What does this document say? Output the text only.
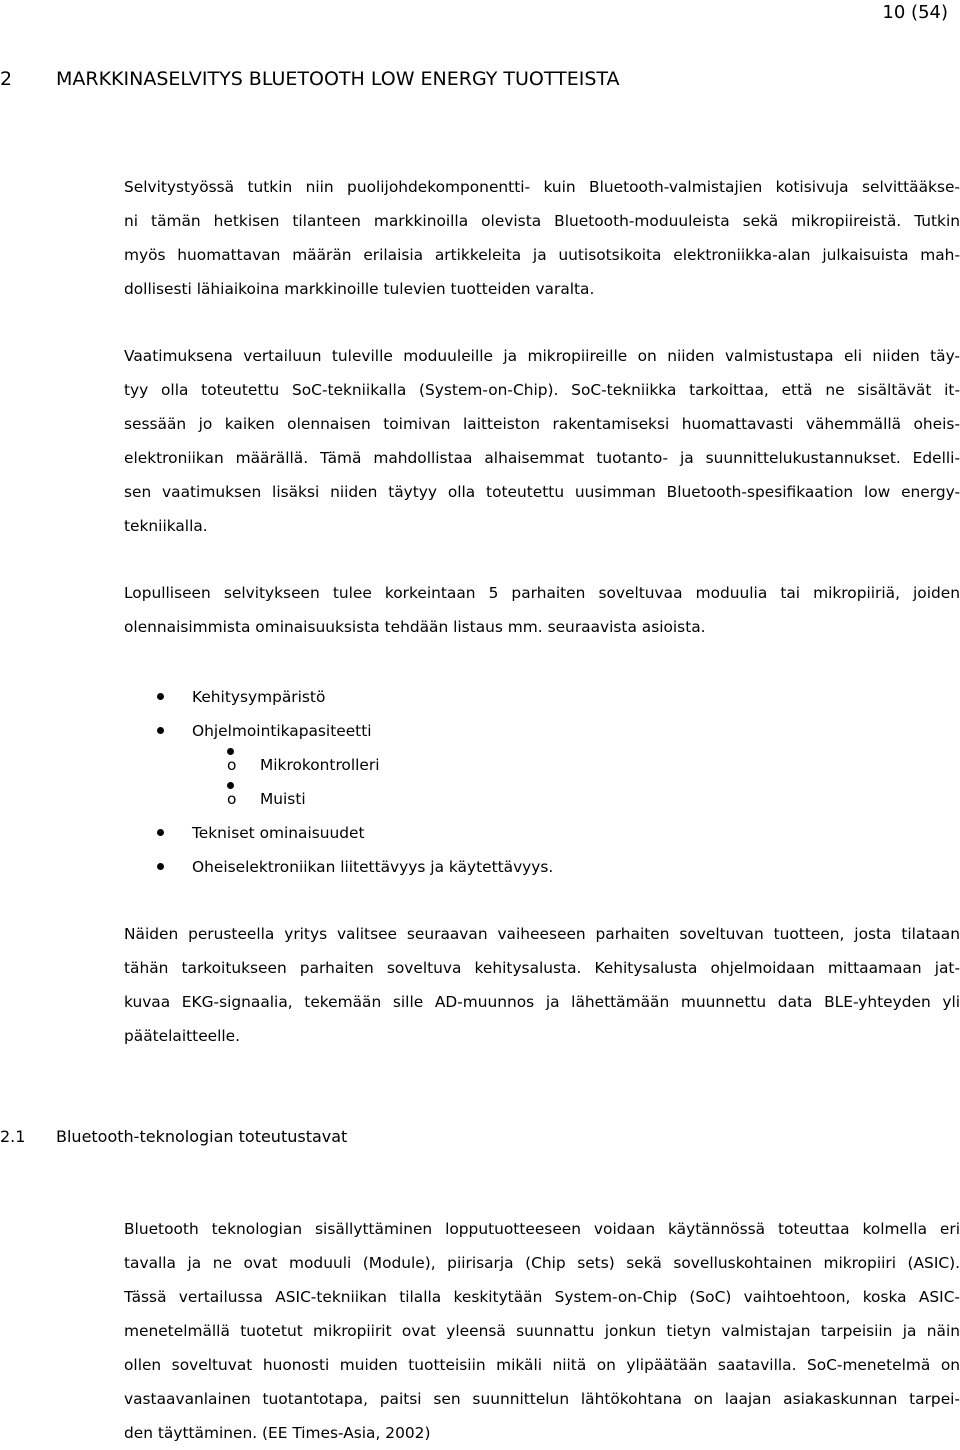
10 (54)
2 MARKKINASELVITYS BLUETOOTH LOW ENERGY TUOTTEISTA

Selvitystyössä tutkin niin puolijohdekomponentti- kuin Bluetooth-valmistajien kotisivuja selvittääkse-
ni tämän hetkisen tilanteen markkinoilla olevista Bluetooth-moduuleista sekä mikropiireistä. Tutkin
myös huomattavan määrän erilaisia artikkeleita ja uutisotsikoita elektroniikka-alan julkaisuista mah-
dollisesti lähiaikoina markkinoille tulevien tuotteiden varalta.

Vaatimuksena vertailuun tuleville moduuleille ja mikropiireille on niiden valmistustapa eli niiden täy-
tyy olla toteutettu SoC-tekniikalla (System-on-Chip). SoC-tekniikka tarkoittaa, että ne sisältävät it-
sessään jo kaiken olennaisen toimivan laitteiston rakentamiseksi huomattavasti vähemmällä oheis-
elektroniikan määrällä. Tämä mahdollistaa alhaisemmat tuotanto- ja suunnittelukustannukset. Edelli-
sen vaatimuksen lisäksi niiden täytyy olla toteutettu uusimman Bluetooth-spesifikaation low energy-
tekniikalla.

Lopulliseen selvitykseen tulee korkeintaan 5 parhaiten soveltuvaa moduulia tai mikropiiriä, joiden
olennaisimmista ominaisuuksista tehdään listaus mm. seuraavista asioista.

Kehitysympäristö
Ohjelmointikapasiteetti
o Mikrokontrolleri
o Muisti
Tekniset ominaisuudet
Oheiselektroniikan liitettävyys ja käytettävyys.

Näiden perusteella yritys valitsee seuraavan vaiheeseen parhaiten soveltuvan tuotteen, josta tilataan
tähän tarkoitukseen parhaiten soveltuva kehitysalusta. Kehitysalusta ohjelmoidaan mittaamaan jat-
kuvaa EKG-signaalia, tekemään sille AD-muunnos ja lähettämään muunnettu data BLE-yhteyden yli
päätelaitteelle.

2.1 Bluetooth-teknologian toteutustavat

Bluetooth teknologian sisällyttäminen lopputuotteeseen voidaan käytännössä toteuttaa kolmella eri
tavalla ja ne ovat moduuli (Module), piirisarja (Chip sets) sekä sovelluskohtainen mikropiiri (ASIC).
Tässä vertailussa ASIC-tekniikan tilalla keskitytään System-on-Chip (SoC) vaihtoehtoon, koska ASIC-
menetelmällä tuotetut mikropiirit ovat yleensä suunnattu jonkun tietyn valmistajan tarpeisiin ja näin
ollen soveltuvat huonosti muiden tuotteisiin mikäli niitä on ylipäätään saatavilla. SoC-menetelmä on
vastaavanlainen tuotantotapa, paitsi sen suunnittelun lähtökohtana on laajan asiakaskunnan tarpei-
den täyttäminen. (EE Times-Asia, 2002)
